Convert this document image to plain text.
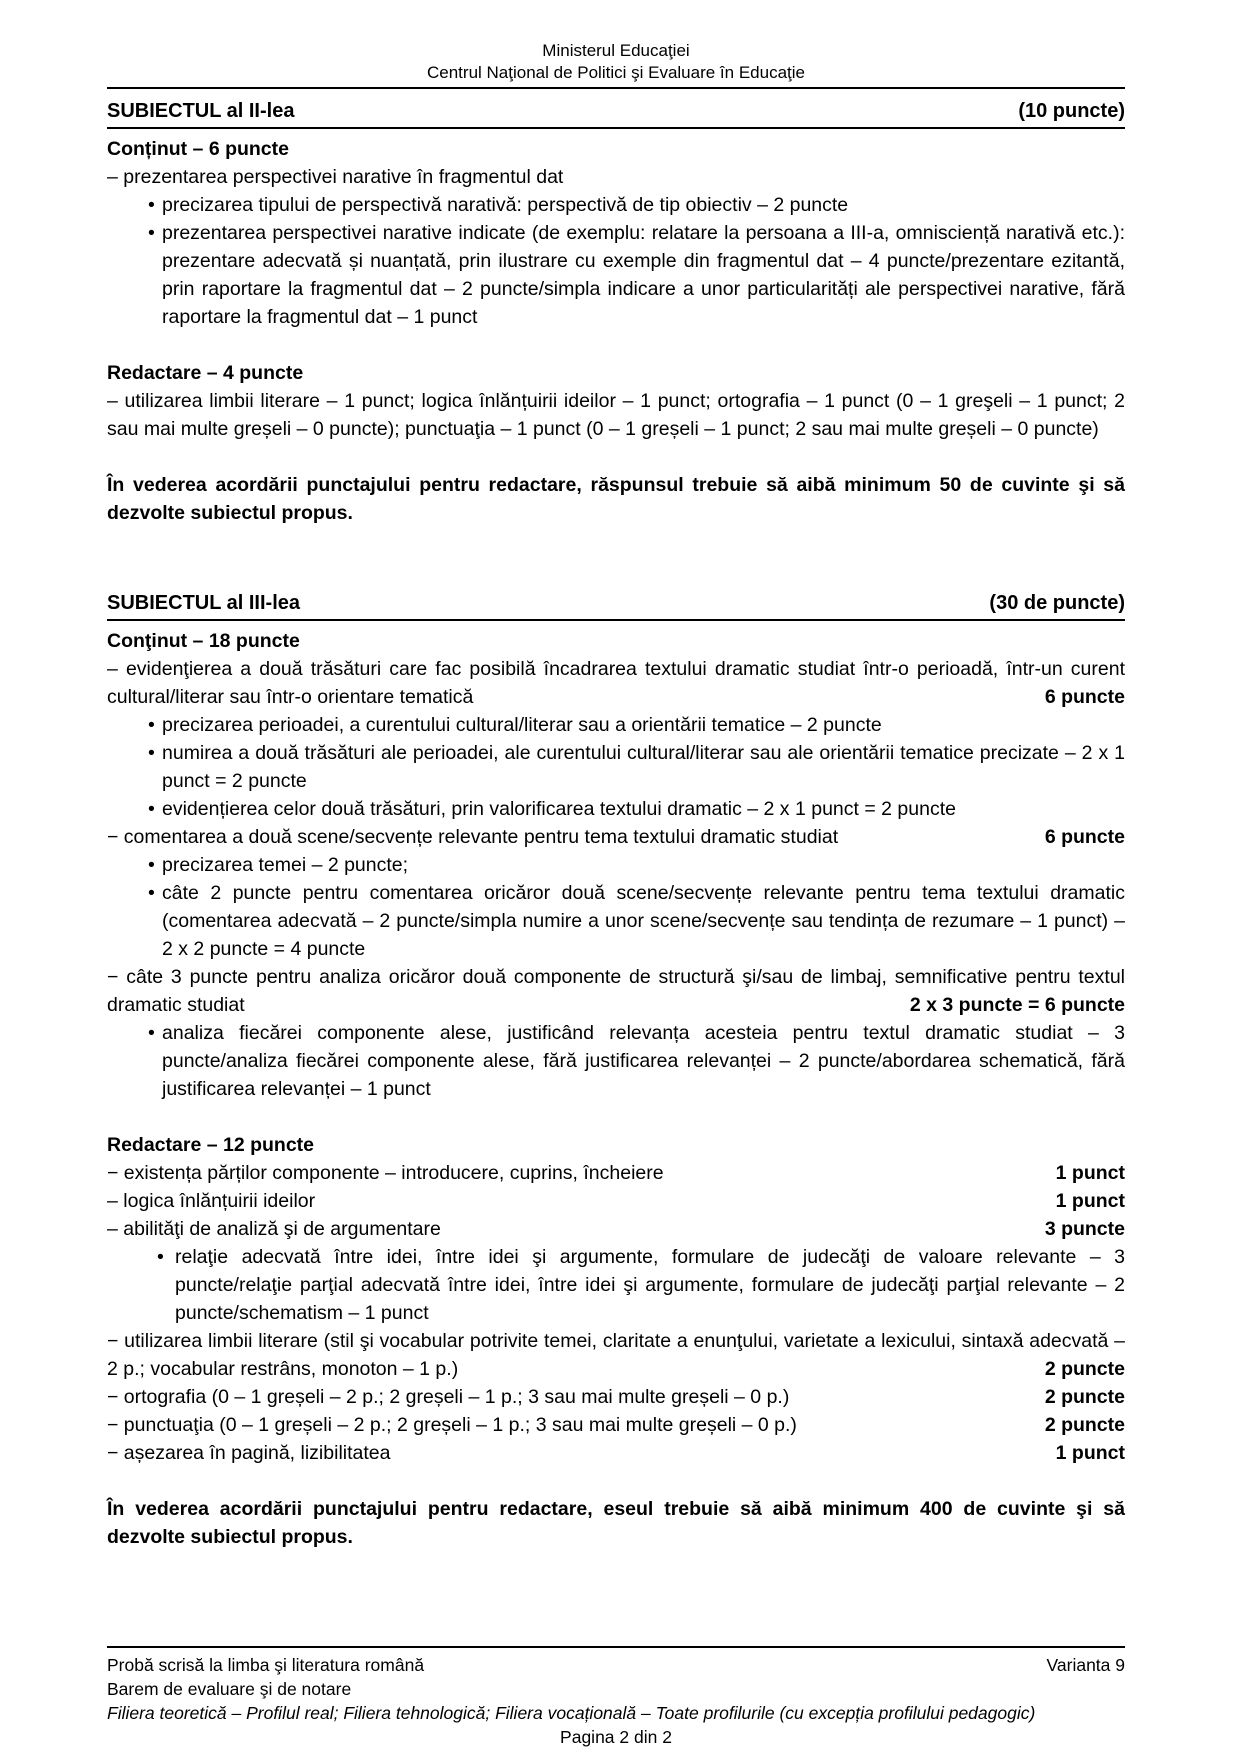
Ministerul Educaţiei
Centrul Naţional de Politici şi Evaluare în Educaţie
SUBIECTUL al II-lea	(10 puncte)
Conținut – 6 puncte
– prezentarea perspectivei narative în fragmentul dat
• precizarea tipului de perspectivă narativă: perspectivă de tip obiectiv – 2 puncte
• prezentarea perspectivei narative indicate (de exemplu: relatare la persoana a III-a, omnisciență narativă etc.): prezentare adecvată și nuanțată, prin ilustrare cu exemple din fragmentul dat – 4 puncte/prezentare ezitantă, prin raportare la fragmentul dat – 2 puncte/simpla indicare a unor particularități ale perspectivei narative, fără raportare la fragmentul dat – 1 punct
Redactare – 4 puncte
– utilizarea limbii literare – 1 punct; logica înlănțuirii ideilor – 1 punct; ortografia – 1 punct (0 – 1 greşeli – 1 punct; 2 sau mai multe greșeli – 0 puncte); punctuaţia – 1 punct (0 – 1 greșeli – 1 punct; 2 sau mai multe greșeli – 0 puncte)
În vederea acordării punctajului pentru redactare, răspunsul trebuie să aibă minimum 50 de cuvinte şi să dezvolte subiectul propus.
SUBIECTUL al III-lea	(30 de puncte)
Conţinut – 18 puncte
– evidenţierea a două trăsături care fac posibilă încadrarea textului dramatic studiat într-o perioadă, într-un curent cultural/literar sau într-o orientare tematică	6 puncte
• precizarea perioadei, a curentului cultural/literar sau a orientării tematice – 2 puncte
• numirea a două trăsături ale perioadei, ale curentului cultural/literar sau ale orientării tematice precizate – 2 x 1 punct = 2 puncte
• evidențierea celor două trăsături, prin valorificarea textului dramatic – 2 x 1 punct = 2 puncte
− comentarea a două scene/secvențe relevante pentru tema textului dramatic studiat	6 puncte
• precizarea temei – 2 puncte;
• câte 2 puncte pentru comentarea oricăror două scene/secvențe relevante pentru tema textului dramatic (comentarea adecvată – 2 puncte/simpla numire a unor scene/secvențe sau tendința de rezumare – 1 punct) – 2 x 2 puncte = 4 puncte
− câte 3 puncte pentru analiza oricăror două componente de structură şi/sau de limbaj, semnificative pentru textul dramatic studiat	2 x 3 puncte = 6 puncte
• analiza fiecărei componente alese, justificând relevanța acesteia pentru textul dramatic studiat – 3 puncte/analiza fiecărei componente alese, fără justificarea relevanței – 2 puncte/abordarea schematică, fără justificarea relevanței – 1 punct
Redactare – 12 puncte
− existența părților componente – introducere, cuprins, încheiere	1 punct
– logica înlănțuirii ideilor	1 punct
– abilităţi de analiză şi de argumentare	3 puncte
• relaţie adecvată între idei, între idei şi argumente, formulare de judecăţi de valoare relevante – 3 puncte/relaţie parţial adecvată între idei, între idei şi argumente, formulare de judecăţi parţial relevante – 2 puncte/schematism – 1 punct
− utilizarea limbii literare (stil şi vocabular potrivite temei, claritate a enunţului, varietate a lexicului, sintaxă adecvată – 2 p.; vocabular restrâns, monoton – 1 p.)	2 puncte
− ortografia (0 – 1 greșeli – 2 p.; 2 greșeli – 1 p.; 3 sau mai multe greșeli – 0 p.)	2 puncte
− punctuaţia (0 – 1 greșeli – 2 p.; 2 greșeli – 1 p.; 3 sau mai multe greșeli – 0 p.)	2 puncte
− așezarea în pagină, lizibilitatea	1 punct
În vederea acordării punctajului pentru redactare, eseul trebuie să aibă minimum 400 de cuvinte şi să dezvolte subiectul propus.
Probă scrisă la limba şi literatura română	Varianta 9
Barem de evaluare şi de notare
Filiera teoretică – Profilul real; Filiera tehnologică; Filiera vocațională – Toate profilurile (cu excepția profilului pedagogic)
Pagina 2 din 2
